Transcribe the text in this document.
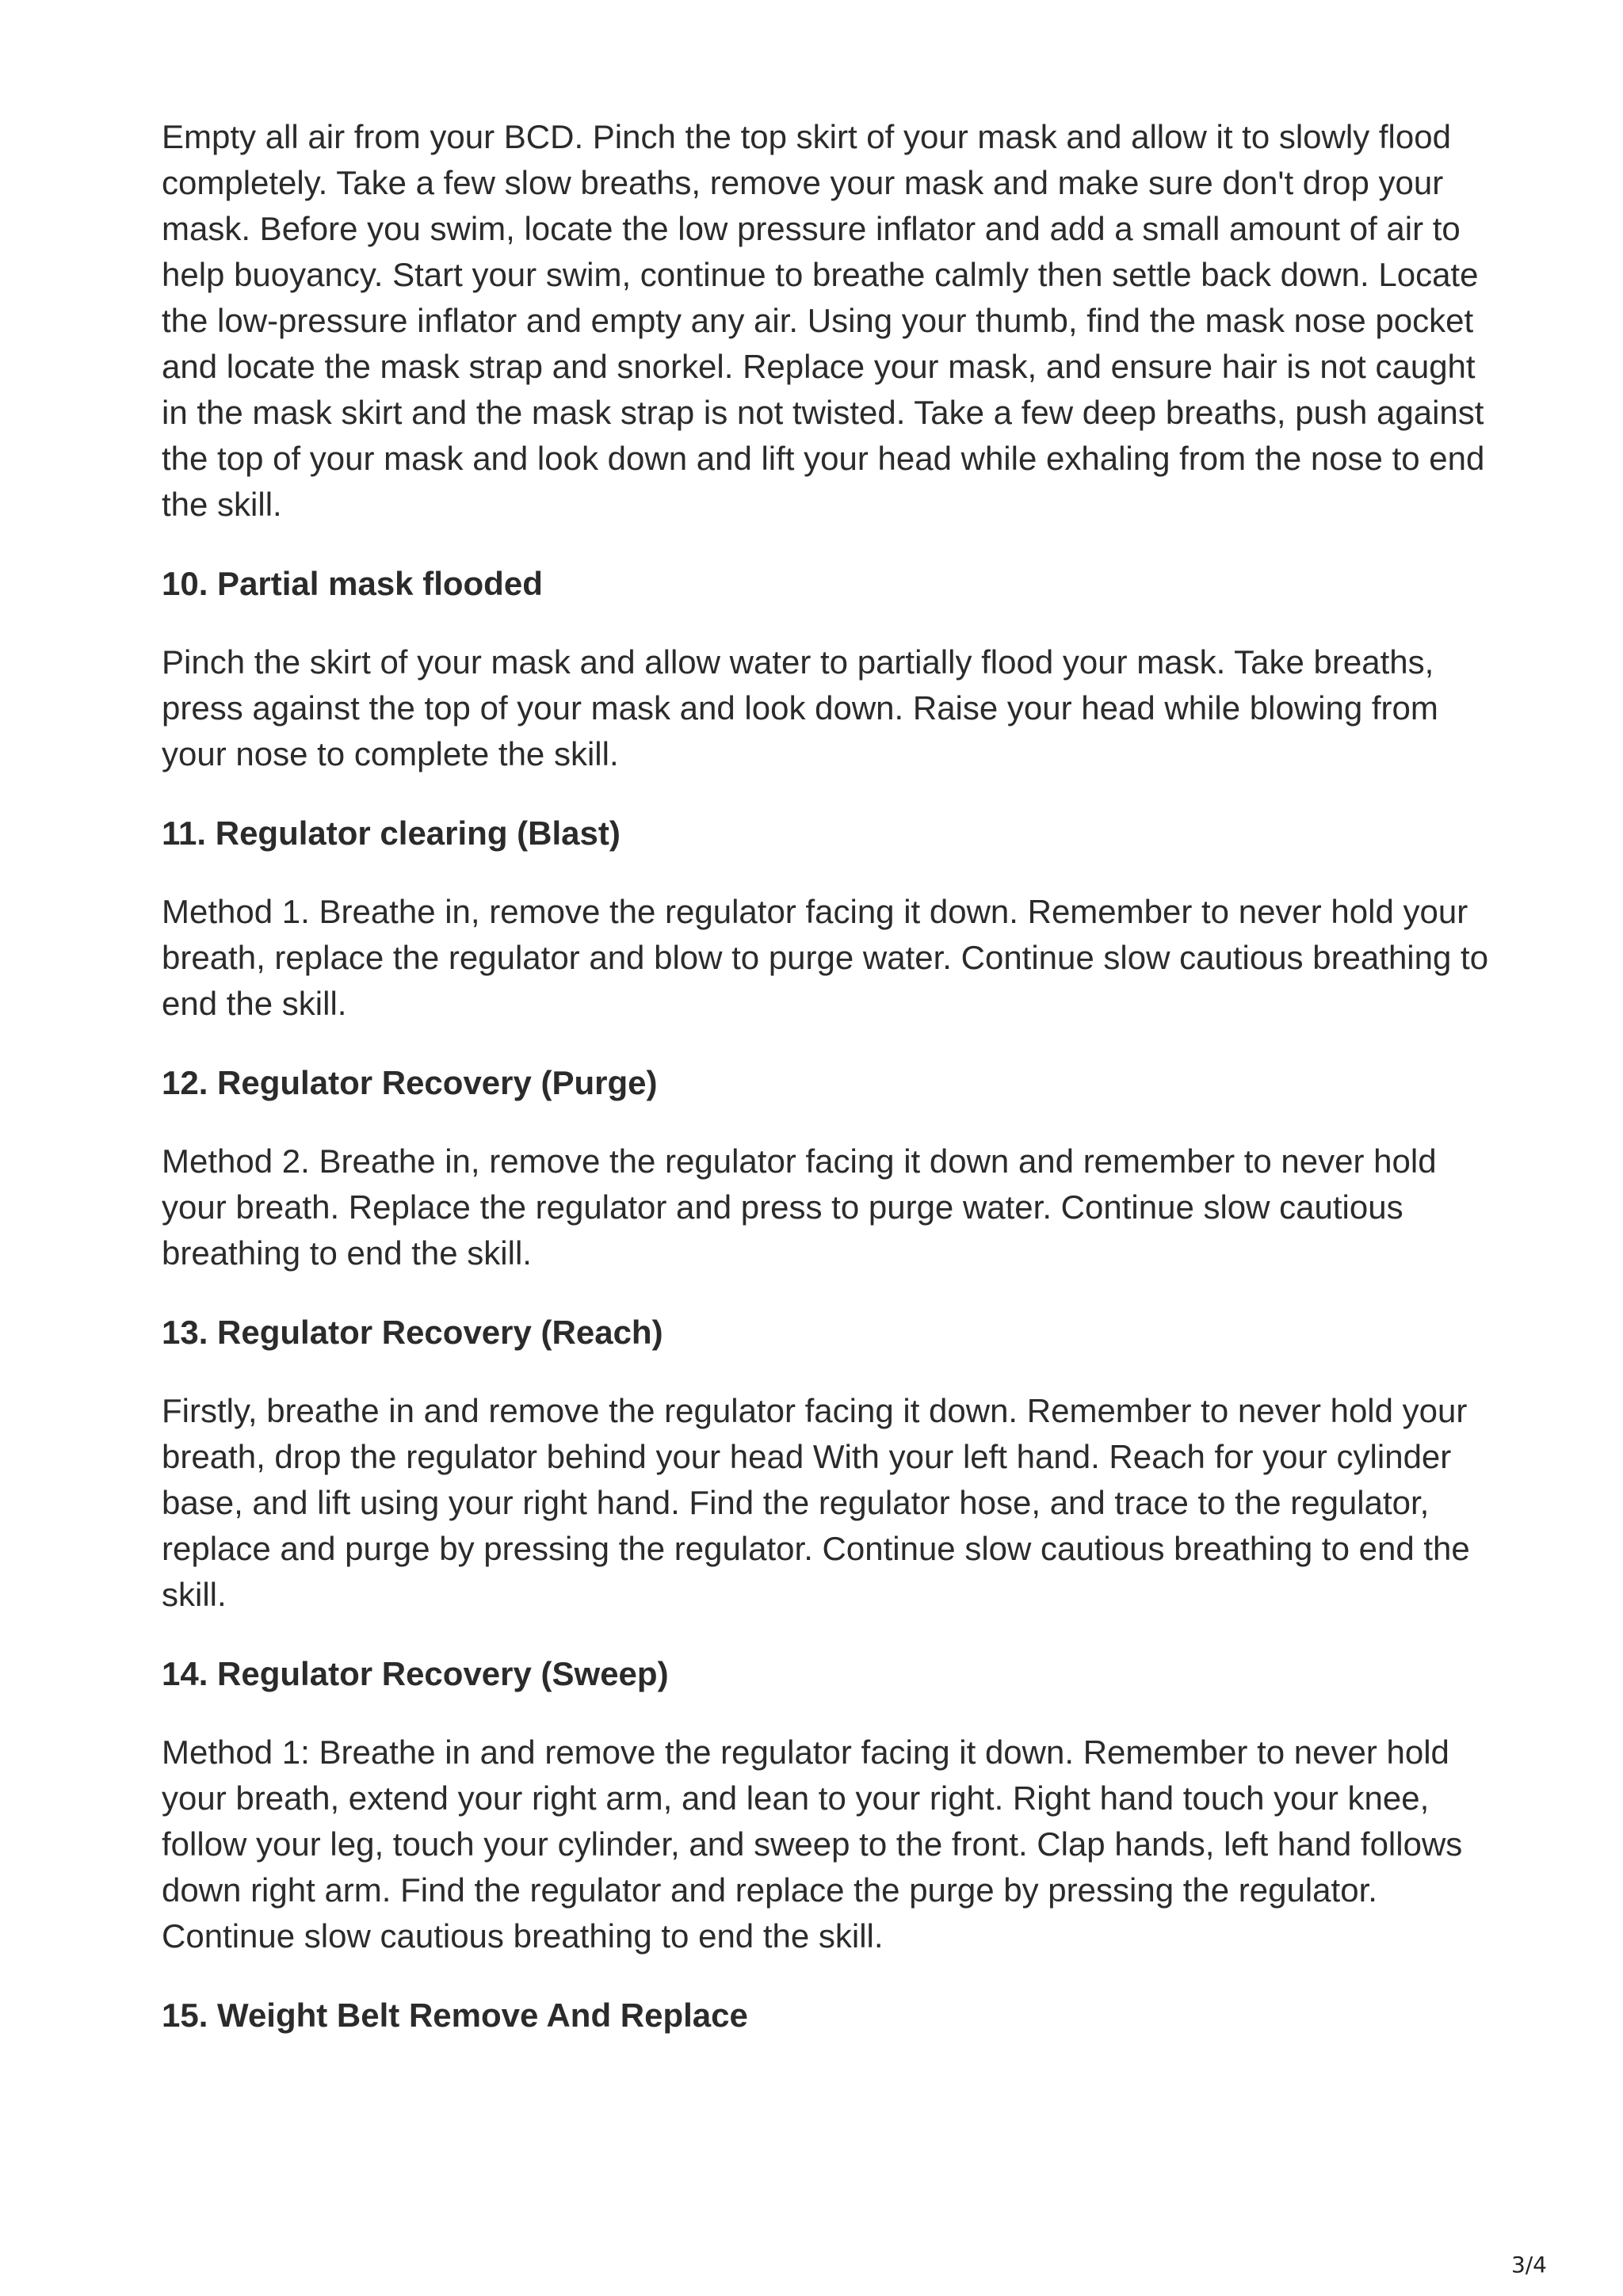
Empty all air from your BCD. Pinch the top skirt of your mask and allow it to slowly flood completely. Take a few slow breaths, remove your mask and make sure don't drop your mask. Before you swim, locate the low pressure inflator and add a small amount of air to help buoyancy. Start your swim, continue to breathe calmly then settle back down. Locate the low-pressure inflator and empty any air. Using your thumb, find the mask nose pocket and locate the mask strap and snorkel. Replace your mask, and ensure hair is not caught in the mask skirt and the mask strap is not twisted. Take a few deep breaths, push against the top of your mask and look down and lift your head while exhaling from the nose to end the skill.

10. Partial mask flooded

Pinch the skirt of your mask and allow water to partially flood your mask. Take breaths, press against the top of your mask and look down. Raise your head while blowing from your nose to complete the skill.

11. Regulator clearing (Blast)

Method 1. Breathe in, remove the regulator facing it down. Remember to never hold your breath, replace the regulator and blow to purge water. Continue slow cautious breathing to end the skill.

12. Regulator Recovery (Purge)

Method 2. Breathe in, remove the regulator facing it down and remember to never hold your breath. Replace the regulator and press to purge water. Continue slow cautious breathing to end the skill.

13. Regulator Recovery (Reach)

Firstly, breathe in and remove the regulator facing it down. Remember to never hold your breath, drop the regulator behind your head With your left hand. Reach for your cylinder base, and lift using your right hand. Find the regulator hose, and trace to the regulator, replace and purge by pressing the regulator. Continue slow cautious breathing to end the skill.

14. Regulator Recovery (Sweep)

Method 1: Breathe in and remove the regulator facing it down. Remember to never hold your breath, extend your right arm, and lean to your right. Right hand touch your knee, follow your leg, touch your cylinder, and sweep to the front. Clap hands, left hand follows down right arm. Find the regulator and replace the purge by pressing the regulator. Continue slow cautious breathing to end the skill.

15. Weight Belt Remove And Replace
3/4
